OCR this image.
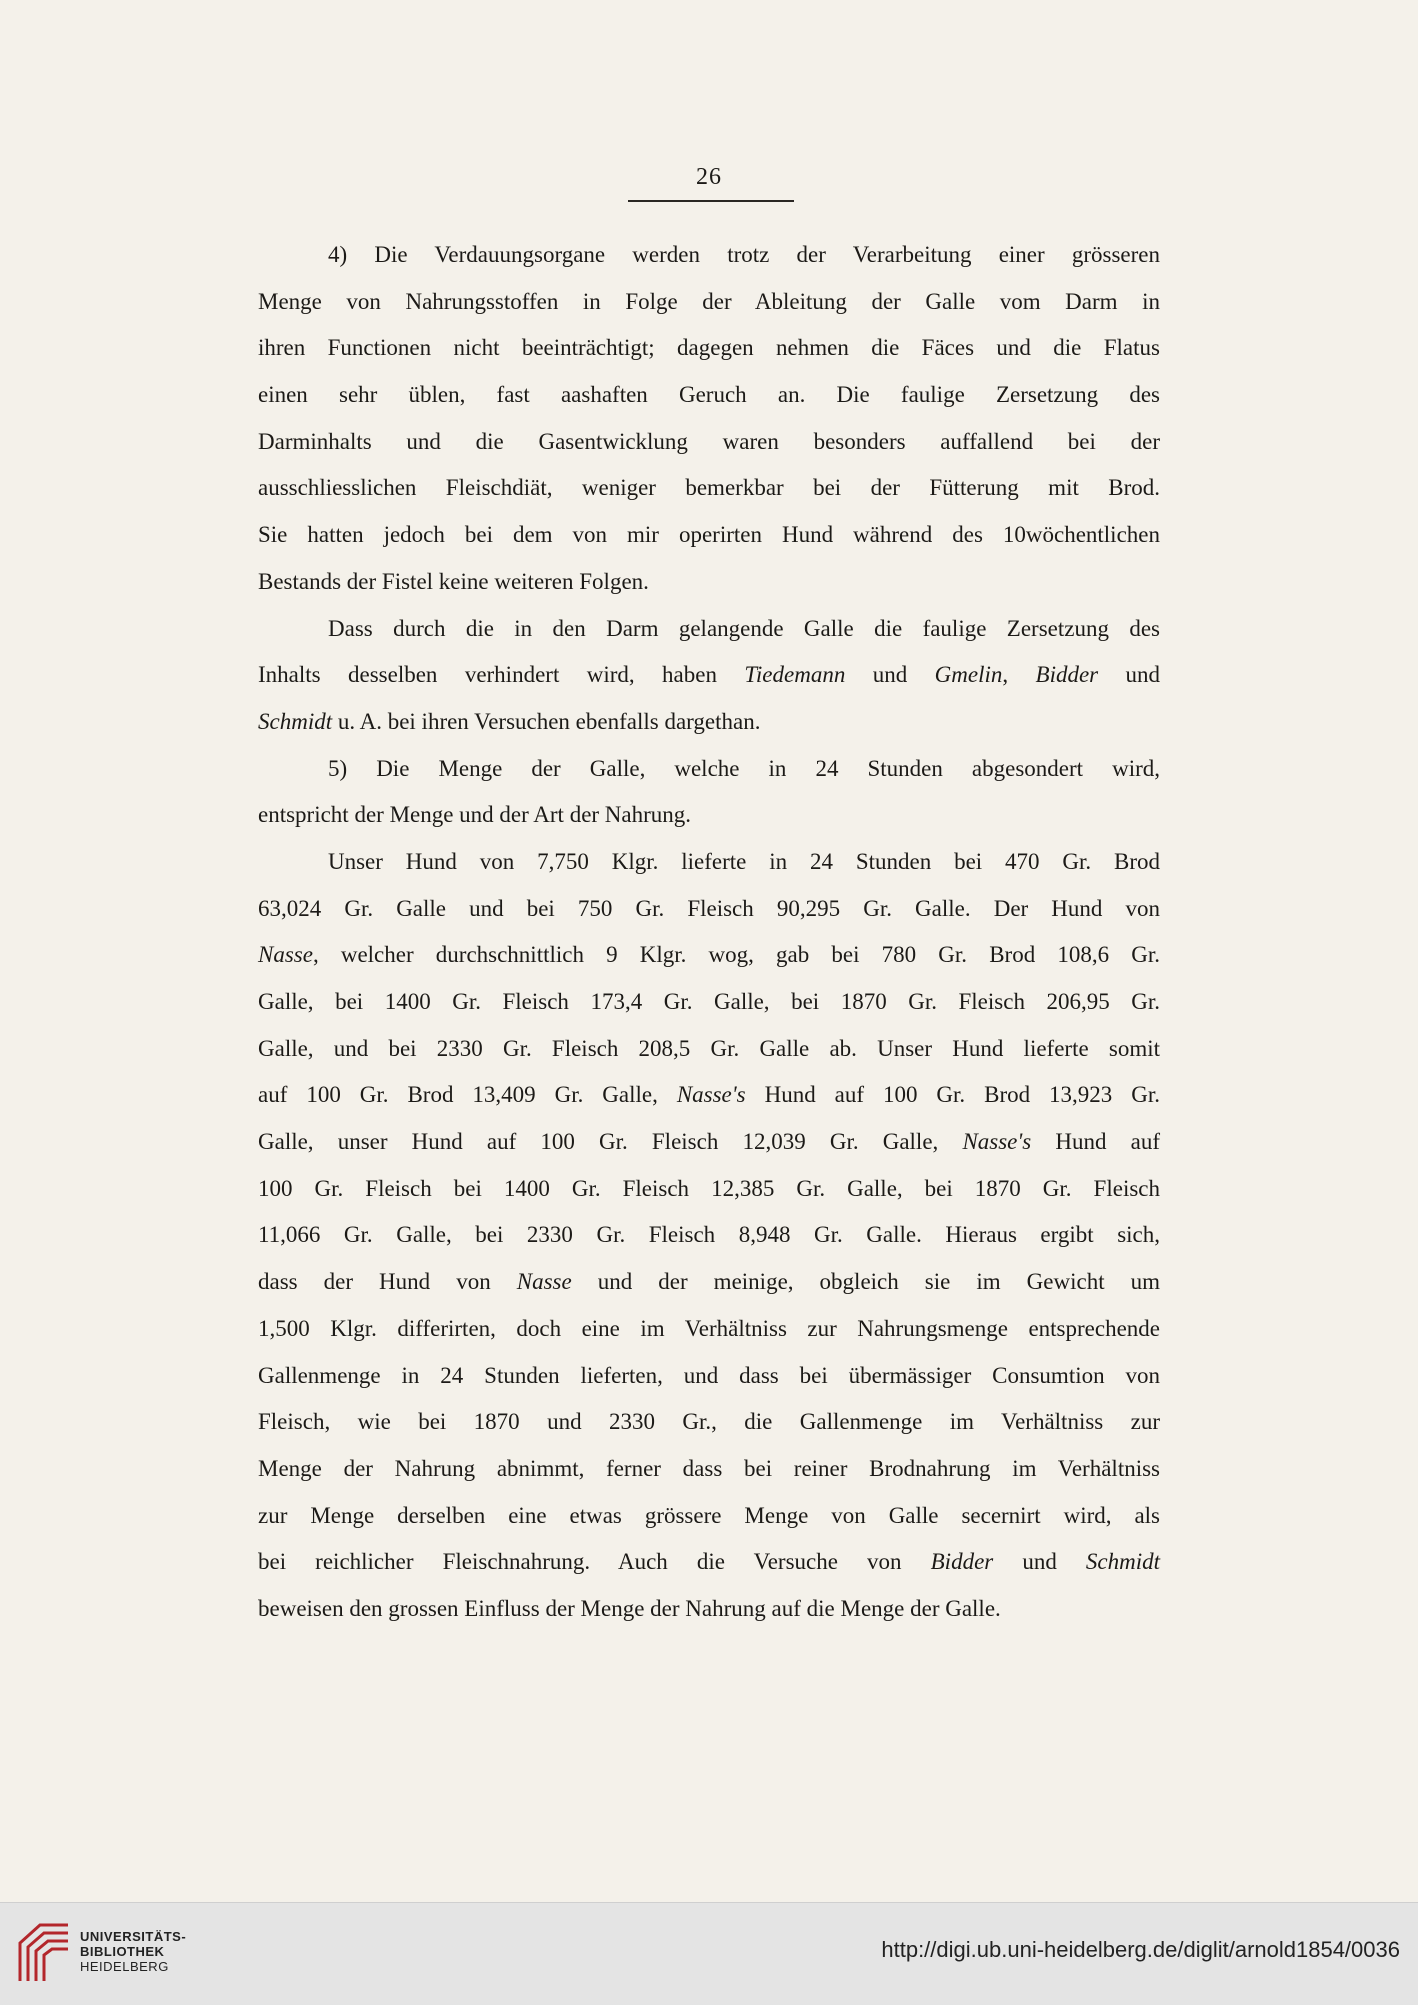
26
4) Die Verdauungsorgane werden trotz der Verarbeitung einer grösseren
Menge von Nahrungsstoffen in Folge der Ableitung der Galle vom Darm in
ihren Functionen nicht beeinträchtigt; dagegen nehmen die Fäces und die Flatus
einen sehr üblen, fast aashaften Geruch an. Die faulige Zersetzung des
Darminhalts und die Gasentwicklung waren besonders auffallend bei der
ausschliesslichen Fleischdiät, weniger bemerkbar bei der Fütterung mit Brod.
Sie hatten jedoch bei dem von mir operirten Hund während des 10wöchentlichen
Bestands der Fistel keine weiteren Folgen.
Dass durch die in den Darm gelangende Galle die faulige Zersetzung des
Inhalts desselben verhindert wird, haben Tiedemann und Gmelin, Bidder und
Schmidt u. A. bei ihren Versuchen ebenfalls dargethan.
5) Die Menge der Galle, welche in 24 Stunden abgesondert wird,
entspricht der Menge und der Art der Nahrung.
Unser Hund von 7,750 Klgr. lieferte in 24 Stunden bei 470 Gr. Brod
63,024 Gr. Galle und bei 750 Gr. Fleisch 90,295 Gr. Galle. Der Hund von
Nasse, welcher durchschnittlich 9 Klgr. wog, gab bei 780 Gr. Brod 108,6 Gr.
Galle, bei 1400 Gr. Fleisch 173,4 Gr. Galle, bei 1870 Gr. Fleisch 206,95 Gr.
Galle, und bei 2330 Gr. Fleisch 208,5 Gr. Galle ab. Unser Hund lieferte somit
auf 100 Gr. Brod 13,409 Gr. Galle, Nasse's Hund auf 100 Gr. Brod 13,923 Gr.
Galle, unser Hund auf 100 Gr. Fleisch 12,039 Gr. Galle, Nasse's Hund auf
100 Gr. Fleisch bei 1400 Gr. Fleisch 12,385 Gr. Galle, bei 1870 Gr. Fleisch
11,066 Gr. Galle, bei 2330 Gr. Fleisch 8,948 Gr. Galle. Hieraus ergibt sich,
dass der Hund von Nasse und der meinige, obgleich sie im Gewicht um
1,500 Klgr. differirten, doch eine im Verhältniss zur Nahrungsmenge entsprechende
Gallenmenge in 24 Stunden lieferten, und dass bei übermässiger Consumtion von
Fleisch, wie bei 1870 und 2330 Gr., die Gallenmenge im Verhältniss zur
Menge der Nahrung abnimmt, ferner dass bei reiner Brodnahrung im Verhältniss
zur Menge derselben eine etwas grössere Menge von Galle secernirt wird, als
bei reichlicher Fleischnahrung. Auch die Versuche von Bidder und Schmidt
beweisen den grossen Einfluss der Menge der Nahrung auf die Menge der Galle.
UNIVERSITÄTS-
BIBLIOTHEK
HEIDELBERG
http://digi.ub.uni-heidelberg.de/diglit/arnold1854/0036
